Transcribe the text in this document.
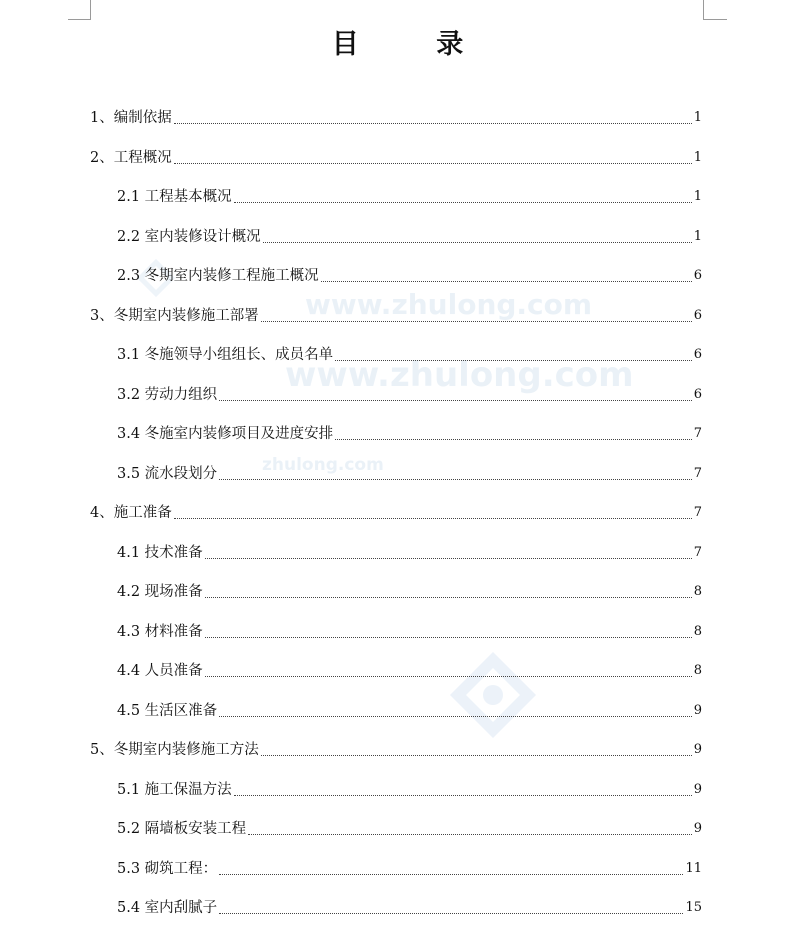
www.zhulong.com
www.zhulong.com
zhulong.com
目 录
1、编制依据	1
2、工程概况	1
2.1 工程基本概况	1
2.2 室内装修设计概况	1
2.3 冬期室内装修工程施工概况	6
3、冬期室内装修施工部署	6
3.1 冬施领导小组组长、成员名单	6
3.2 劳动力组织	6
3.4 冬施室内装修项目及进度安排	7
3.5 流水段划分	7
4、施工准备	7
4.1 技术准备	7
4.2 现场准备	8
4.3 材料准备	8
4.4 人员准备	8
4.5 生活区准备	9
5、冬期室内装修施工方法	9
5.1 施工保温方法	9
5.2 隔墙板安装工程	9
5.3 砌筑工程：	11
5.4 室内刮腻子	15
